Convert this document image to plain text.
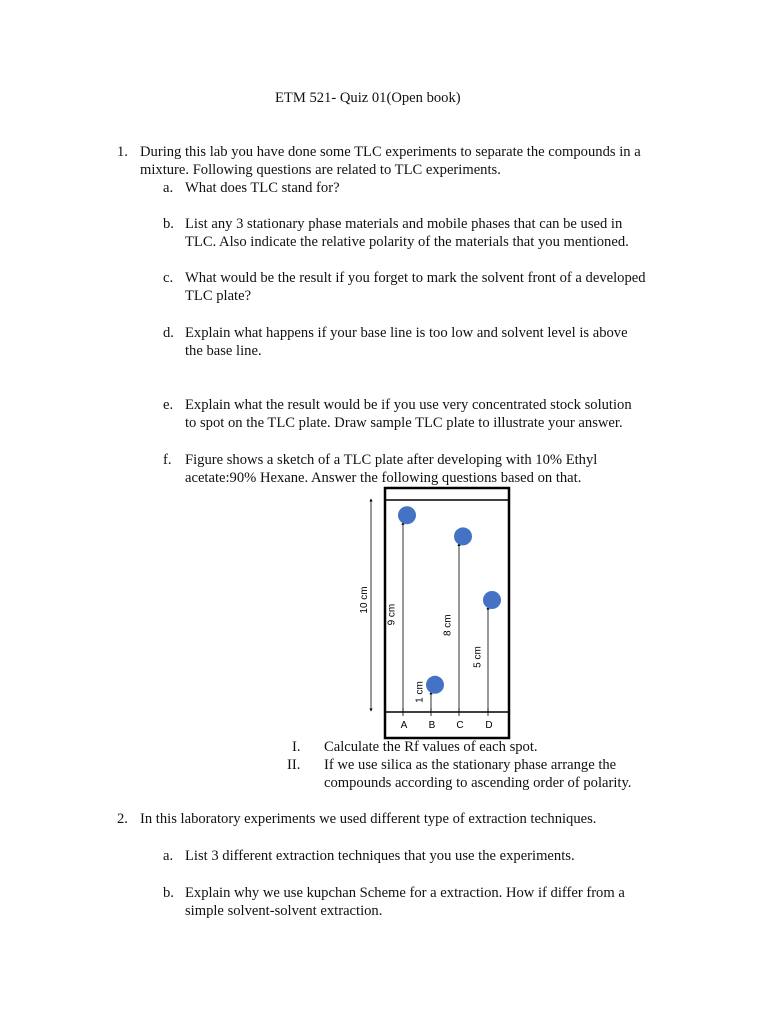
ETM 521- Quiz 01(Open book)
1. During this lab you have done some TLC experiments to separate the compounds in a
mixture. Following questions are related to TLC experiments.
a. What does TLC stand for?
b. List any 3 stationary phase materials and mobile phases that can be used in
TLC. Also indicate the relative polarity of the materials that you mentioned.
c. What would be the result if you forget to mark the solvent front of a developed
TLC plate?
d. Explain what happens if your base line is too low and solvent level is above
the base line.
e. Explain what the result would be if you use very concentrated stock solution
to spot on the TLC plate. Draw sample TLC plate to illustrate your answer.
f. Figure shows a sketch of a TLC plate after developing with 10% Ethyl
acetate:90% Hexane. Answer the following questions based on that.
10 cm
9 cm
A
1 cm
B
8 cm
C
5 cm
D
I. Calculate the Rf values of each spot.
II. If we use silica as the stationary phase arrange the
compounds according to ascending order of polarity.
2. In this laboratory experiments we used different type of extraction techniques.
a. List 3 different extraction techniques that you use the experiments.
b. Explain why we use kupchan Scheme for a extraction. How if differ from a
simple solvent-solvent extraction.
